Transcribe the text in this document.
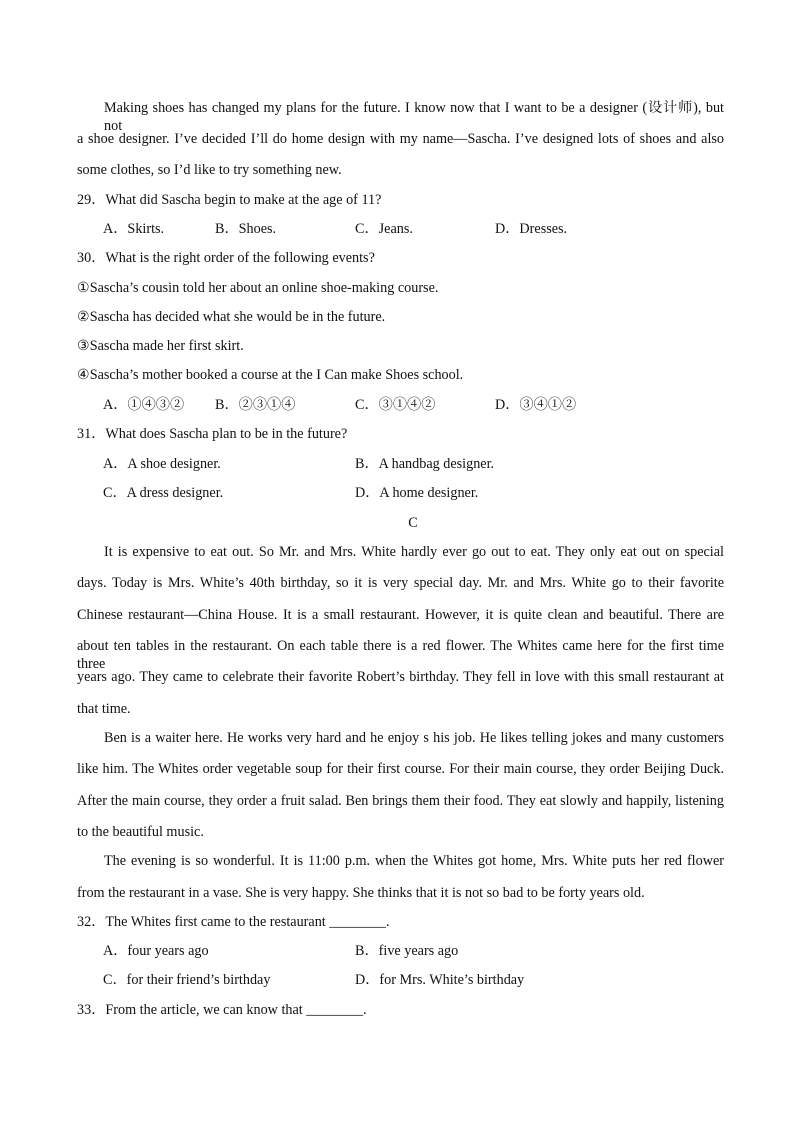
Making shoes has changed my plans for the future. I know now that I want to be a designer (设计师), but not
a shoe designer. I’ve decided I’ll do home design with my name—Sascha. I’ve designed lots of shoes and also
some clothes, so I’d like to try something new.
29．What did Sascha begin to make at the age of 11?
A．Skirts.	B．Shoes.	C．Jeans.	D．Dresses.
30．What is the right order of the following events?
①Sascha’s cousin told her about an online shoe-making course.
②Sascha has decided what she would be in the future.
③Sascha made her first skirt.
④Sascha’s mother booked a course at the I Can make Shoes school.
A．①④③② B．②③①④	C．③①④②	D．③④①②
31．What does Sascha plan to be in the future?
A．A shoe designer.	B．A handbag designer.
C．A dress designer.	D．A home designer.
C
It is expensive to eat out. So Mr. and Mrs. White hardly ever go out to eat. They only eat out on special
days. Today is Mrs. White’s 40th birthday, so it is very special day. Mr. and Mrs. White go to their favorite
Chinese restaurant—China House. It is a small restaurant. However, it is quite clean and beautiful. There are
about ten tables in the restaurant. On each table there is a red flower. The Whites came here for the first time three
years ago. They came to celebrate their favorite Robert’s birthday. They fell in love with this small restaurant at
that time.
Ben is a waiter here. He works very hard and he enjoy s his job. He likes telling jokes and many customers
like him. The Whites order vegetable soup for their first course. For their main course, they order Beijing Duck.
After the main course, they order a fruit salad. Ben brings them their food. They eat slowly and happily, listening
to the beautiful music.
The evening is so wonderful. It is 11:00 p.m. when the Whites got home, Mrs. White puts her red flower
from the restaurant in a vase. She is very happy. She thinks that it is not so bad to be forty years old.
32．The Whites first came to the restaurant ________.
A．four years ago	B．five years ago
C．for their friend’s birthday	D．for Mrs. White’s birthday
33．From the article, we can know that ________.
